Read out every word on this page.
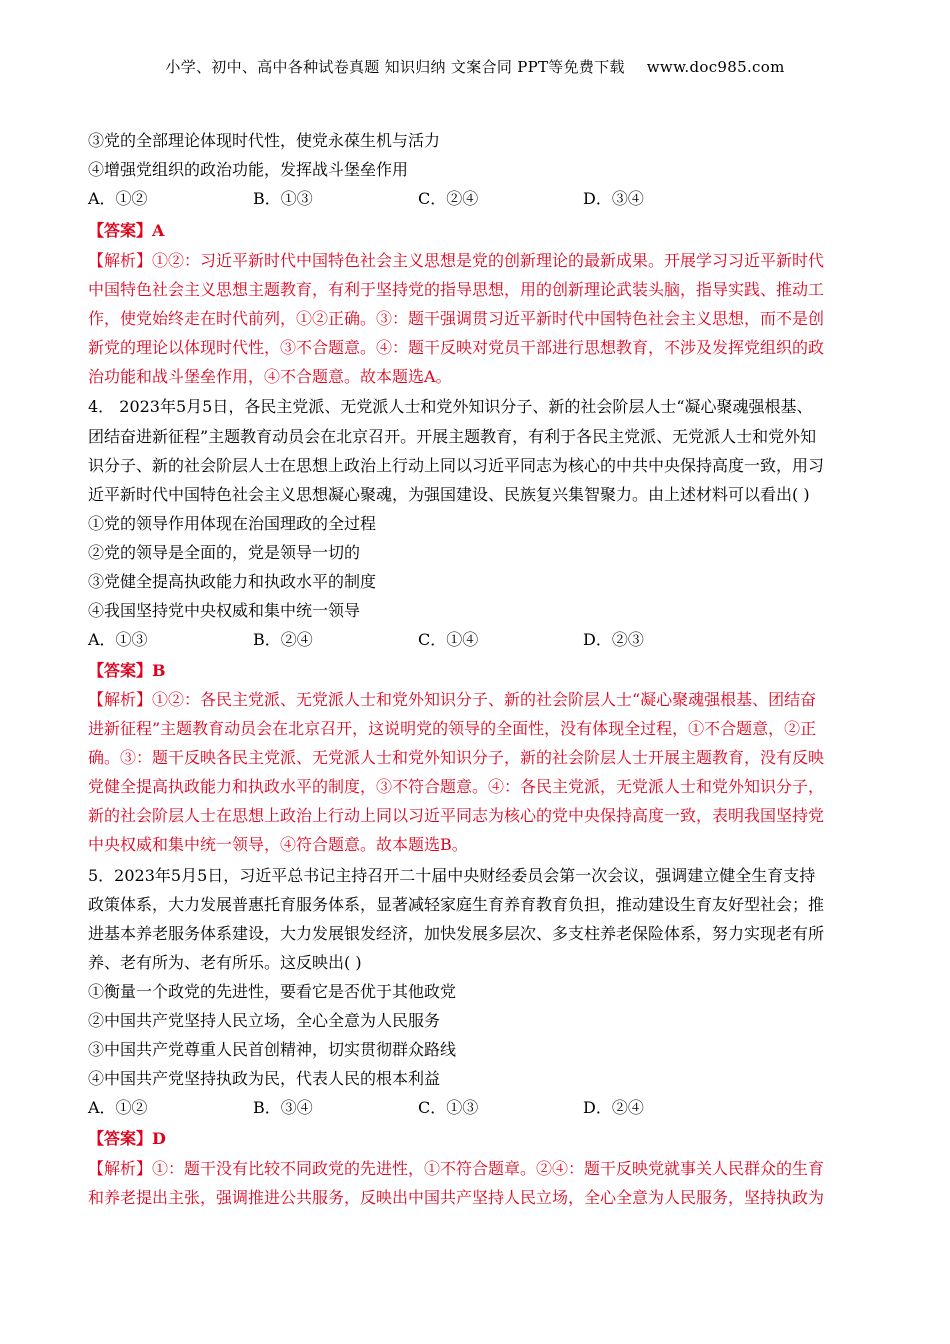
小学、初中、高中各种试卷真题 知识归纳 文案合同 PPT等免费下载 www.doc985.com
③党的全部理论体现时代性，使党永葆生机与活力
④增强党组织的政治功能，发挥战斗堡垒作用
A．①②	B．①③	C．②④	D．③④
【答案】A
【解析】①②：习近平新时代中国特色社会主义思想是党的创新理论的最新成果。开展学习习近平新时代
中国特色社会主义思想主题教育，有利于坚持党的指导思想，用的创新理论武装头脑，指导实践、推动工
作，使党始终走在时代前列，①②正确。③：题干强调贯习近平新时代中国特色社会主义思想，而不是创
新党的理论以体现时代性，③不合题意。④：题干反映对党员干部进行思想教育，不涉及发挥党组织的政
治功能和战斗堡垒作用，④不合题意。故本题选A。
4． 2023年5月5日，各民主党派、无党派人士和党外知识分子、新的社会阶层人士“凝心聚魂强根基、
团结奋进新征程”主题教育动员会在北京召开。开展主题教育，有利于各民主党派、无党派人士和党外知
识分子、新的社会阶层人士在思想上政治上行动上同以习近平同志为核心的中共中央保持高度一致，用习
近平新时代中国特色社会主义思想凝心聚魂，为强国建设、民族复兴集智聚力。由上述材料可以看出( )
①党的领导作用体现在治国理政的全过程
②党的领导是全面的，党是领导一切的
③党健全提高执政能力和执政水平的制度
④我国坚持党中央权威和集中统一领导
A．①③	B．②④	C．①④	D．②③
【答案】B
【解析】①②：各民主党派、无党派人士和党外知识分子、新的社会阶层人士“凝心聚魂强根基、团结奋
进新征程”主题教育动员会在北京召开，这说明党的领导的全面性，没有体现全过程，①不合题意，②正
确。③：题干反映各民主党派、无党派人士和党外知识分子，新的社会阶层人士开展主题教育，没有反映
党健全提高执政能力和执政水平的制度，③不符合题意。④：各民主党派，无党派人士和党外知识分子，
新的社会阶层人士在思想上政治上行动上同以习近平同志为核心的党中央保持高度一致，表明我国坚持党
中央权威和集中统一领导，④符合题意。故本题选B。
5．2023年5月5日，习近平总书记主持召开二十届中央财经委员会第一次会议，强调建立健全生育支持
政策体系，大力发展普惠托育服务体系，显著减轻家庭生育养育教育负担，推动建设生育友好型社会；推
进基本养老服务体系建设，大力发展银发经济，加快发展多层次、多支柱养老保险体系，努力实现老有所
养、老有所为、老有所乐。这反映出( )
①衡量一个政党的先进性，要看它是否优于其他政党
②中国共产党坚持人民立场，全心全意为人民服务
③中国共产党尊重人民首创精神，切实贯彻群众路线
④中国共产党坚持执政为民，代表人民的根本利益
A．①②	B．③④	C．①③	D．②④
【答案】D
【解析】①：题干没有比较不同政党的先进性，①不符合题章。②④：题干反映党就事关人民群众的生育
和养老提出主张，强调推进公共服务，反映出中国共产坚持人民立场，全心全意为人民服务，坚持执政为
